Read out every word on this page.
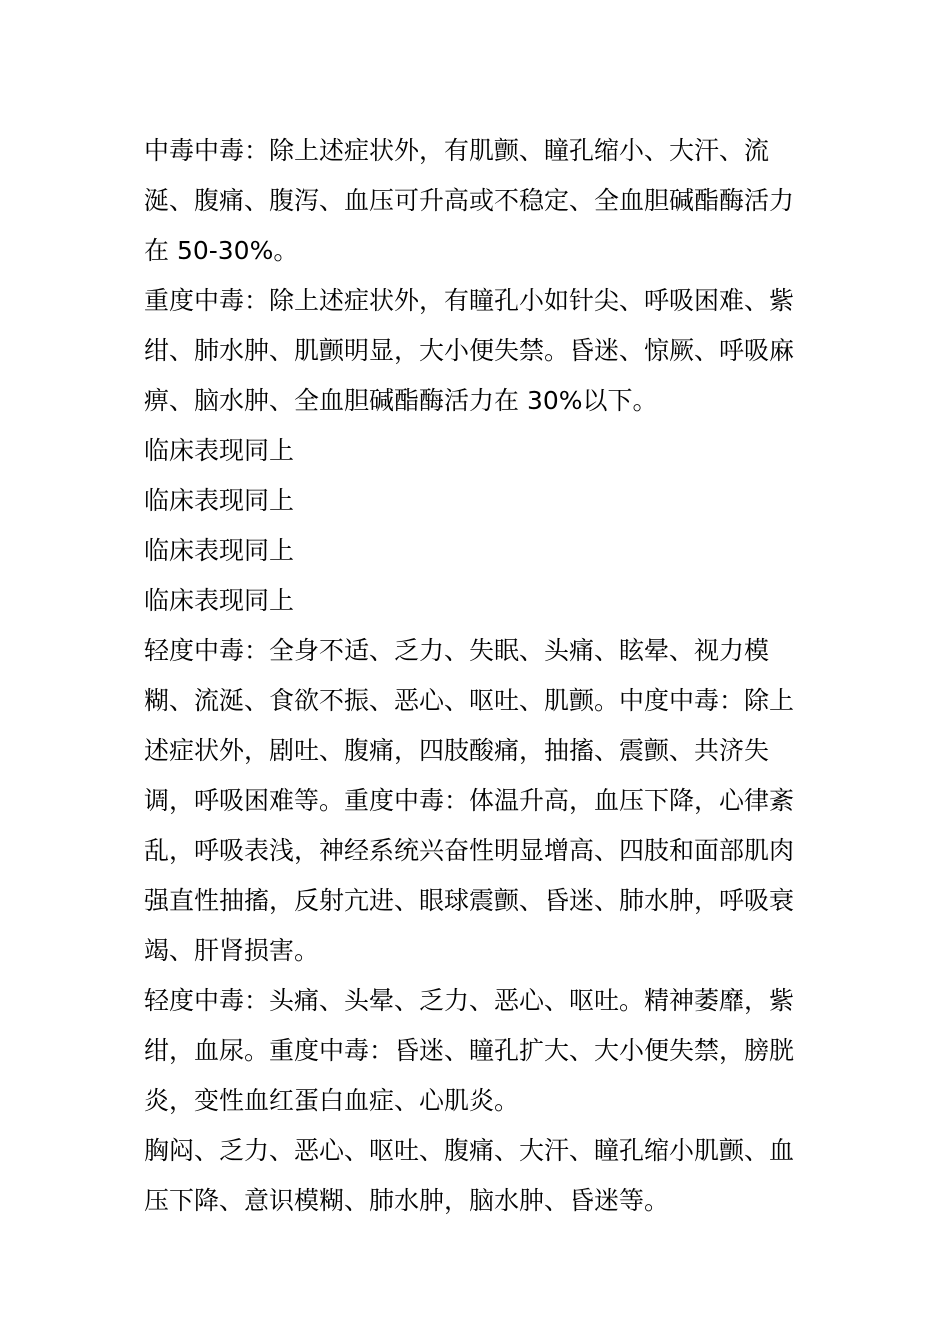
中毒中毒：除上述症状外，有肌颤、瞳孔缩小、大汗、流涎、腹痛、腹泻、血压可升高或不稳定、全血胆碱酯酶活力在 50-30%。

重度中毒：除上述症状外，有瞳孔小如针尖、呼吸困难、紫绀、肺水肿、肌颤明显，大小便失禁。昏迷、惊厥、呼吸麻痹、脑水肿、全血胆碱酯酶活力在 30%以下。

临床表现同上

临床表现同上

临床表现同上

临床表现同上

轻度中毒：全身不适、乏力、失眠、头痛、眩晕、视力模糊、流涎、食欲不振、恶心、呕吐、肌颤。中度中毒：除上述症状外，剧吐、腹痛，四肢酸痛，抽搐、震颤、共济失调，呼吸困难等。重度中毒：体温升高，血压下降，心律紊乱，呼吸表浅，神经系统兴奋性明显增高、四肢和面部肌肉强直性抽搐，反射亢进、眼球震颤、昏迷、肺水肿，呼吸衰竭、肝肾损害。

轻度中毒：头痛、头晕、乏力、恶心、呕吐。精神萎靡，紫绀，血尿。重度中毒：昏迷、瞳孔扩大、大小便失禁，膀胱炎，变性血红蛋白血症、心肌炎。

胸闷、乏力、恶心、呕吐、腹痛、大汗、瞳孔缩小肌颤、血压下降、意识模糊、肺水肿，脑水肿、昏迷等。
